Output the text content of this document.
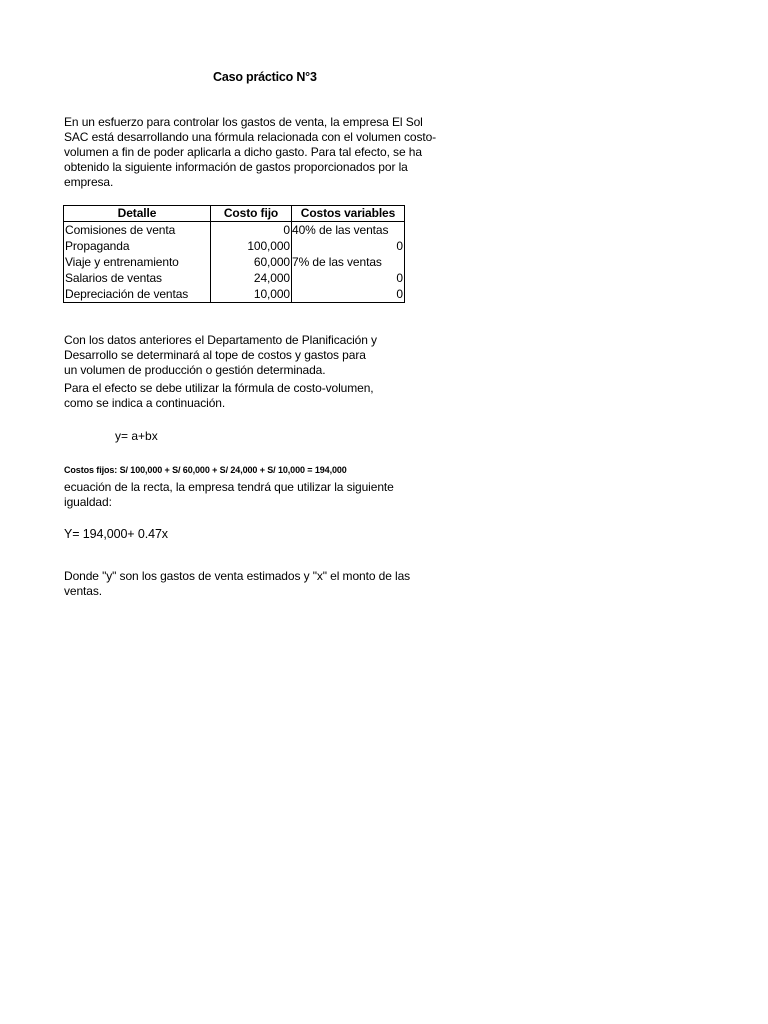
Caso práctico N°3
En un esfuerzo para controlar los gastos de venta, la empresa El Sol
SAC está desarrollando una fórmula relacionada con el volumen costo-
volumen a fin de poder aplicarla a dicho gasto. Para tal efecto, se ha
obtenido la siguiente información de gastos proporcionados por la
empresa.
Detalle	Costo fijo	Costos variables
Comisiones de venta	0	40% de las ventas
Propaganda	100,000	0
Viaje y entrenamiento	60,000	7% de las ventas
Salarios de ventas	24,000	0
Depreciación de ventas	10,000	0
Con los datos anteriores el Departamento de Planificación y
Desarrollo se determinará al tope de costos y gastos para
un volumen de producción o gestión determinada.
Para el efecto se debe utilizar la fórmula de costo-volumen,
como se indica a continuación.
y= a+bx
Costos fijos: S/ 100,000 + S/ 60,000 + S/ 24,000 + S/ 10,000 = 194,000
ecuación de la recta, la empresa tendrá que utilizar la siguiente
igualdad:
Y= 194,000+ 0.47x
Donde "y" son los gastos de venta estimados y "x" el monto de las
ventas.
